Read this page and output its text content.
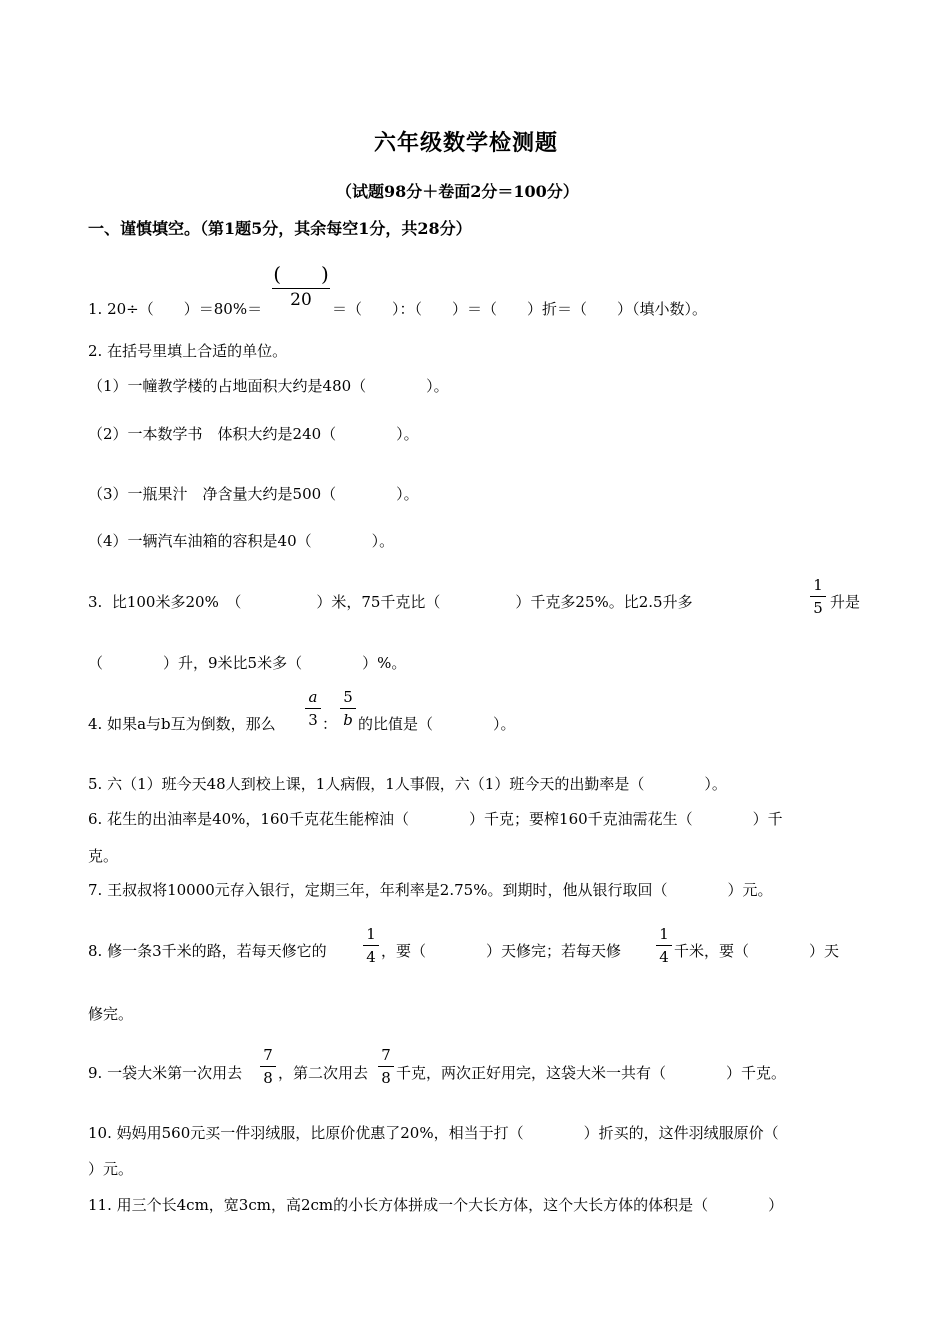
六年级数学检测题
（试题98分＋卷面2分＝100分）
一、谨慎填空。（第1题5分，其余每空1分，共28分）
1. 20÷（　　）＝80%＝
(　　)
20	＝（　　）：（　　）＝（　　）折＝（　　）（填小数）。
2. 在括号里填上合适的单位。
（1）一幢教学楼的占地面积大约是480（　　　　）。
（2）一本数学书　体积大约是240（　　　　）。
（3）一瓶果汁　净含量大约是500（　　　　）。
（4）一辆汽车油箱的容积是40（　　　　）。
3.  比100米多20%　（　　　　　）米，75千克比（　　　　　）千克多25%。比2.5升多
1
5 升是
（　　　　）升，9米比5米多（　　　　）%。
4. 如果a与b互为倒数，那么
a
3 ：
5
b 的比值是（　　　　）。
5. 六（1）班今天48人到校上课，1人病假，1人事假，六（1）班今天的出勤率是（　　　　）。
6. 花生的出油率是40%，160千克花生能榨油（　　　　）千克；要榨160千克油需花生（　　　　）千
克。
7. 王叔叔将10000元存入银行，定期三年，年利率是2.75%。到期时，他从银行取回（　　　　）元。
8. 修一条3千米的路，若每天修它的
1
4 ，要（　　　　）天修完；若每天修
1
4 千米，要（　　　　）天
修完。
9. 一袋大米第一次用去
7
8 ，第二次用去
7
8 千克，两次正好用完，这袋大米一共有（　　　　）千克。
10. 妈妈用560元买一件羽绒服，比原价优惠了20%，相当于打（　　　　）折买的，这件羽绒服原价（
）元。
11. 用三个长4cm，宽3cm，高2cm的小长方体拼成一个大长方体，这个大长方体的体积是（　　　　）
